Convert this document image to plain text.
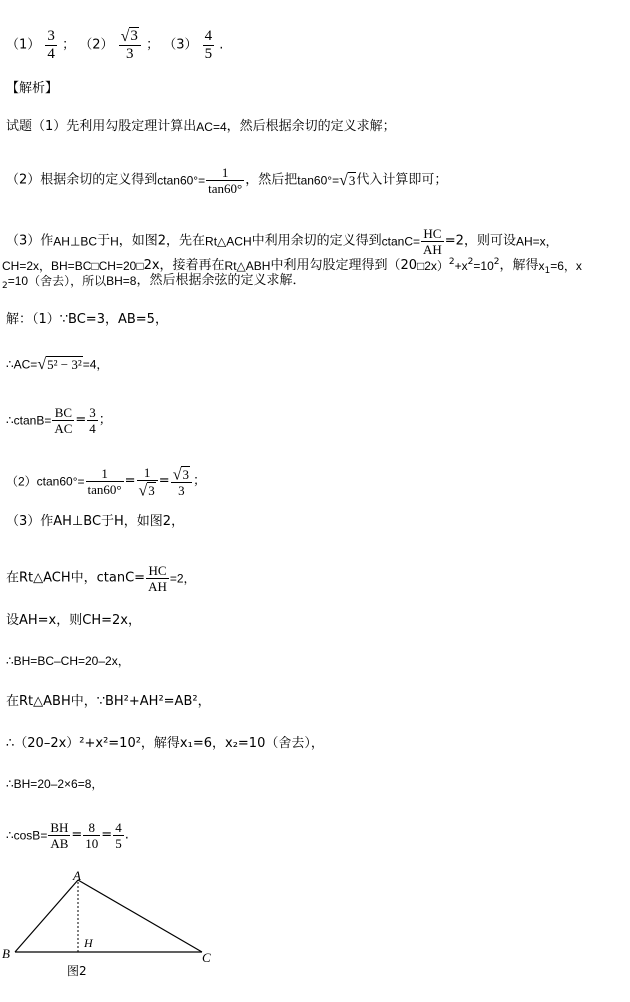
$(1) \frac{3}{4}$ ； $(2) \frac{√3}{3}$ ； $(3) \frac{4}{5}$ .
【解析】
试题（1）先利用勾股定理计算出AC=4，然后根据余切的定义求解；
（2）根据余切的定义得到$ctan60^\circ= \frac{1}{\tan 60^\circ}$ ，然后把tan60°=√3代入计算即可；
（3）作AH⊥BC于H，如图2，先在Rt△ACH中利用余切的定义得到$ctanC= \frac{HC}{AH} =2$，则可设AH=x，
CH=2x，BH=BC□CH=20□2x，接着再在Rt△ABH中利用勾股定理得到$(20□2x)^2+x^2=10^2$，解得$x_1=6$，x
$_2$=10（舍去），所以BH=8，然后根据余弦的定义求解．
解：（1）∵BC=3，AB=5，
∴AC=√5² − 3²=4，
∴ctanB= $\frac{BC}{AC} = \frac{3}{4}$ ；
$(2)ctan60^\circ= \frac{1}{\tan 60^\circ} = \frac{1}{√3} = \frac{√3}{3}$ ；
（3）作AH⊥BC于H，如图2，
在Rt△ACH中，$ctanC= \frac{HC}{AH} =2$，
设AH=x，则CH=2x，
∴BH=BC–CH=20–2x，
在Rt△ABH中，∵BH²+AH²=AB²，
∴（20–2x）²+x²=10²，解得x₁=6，x₂=10（舍去），
∴BH=20–2×6=8，
∴cosB= $\frac{BH}{AB} = \frac{8}{10} = \frac{4}{5}$ .
A
B	C
H
图2
